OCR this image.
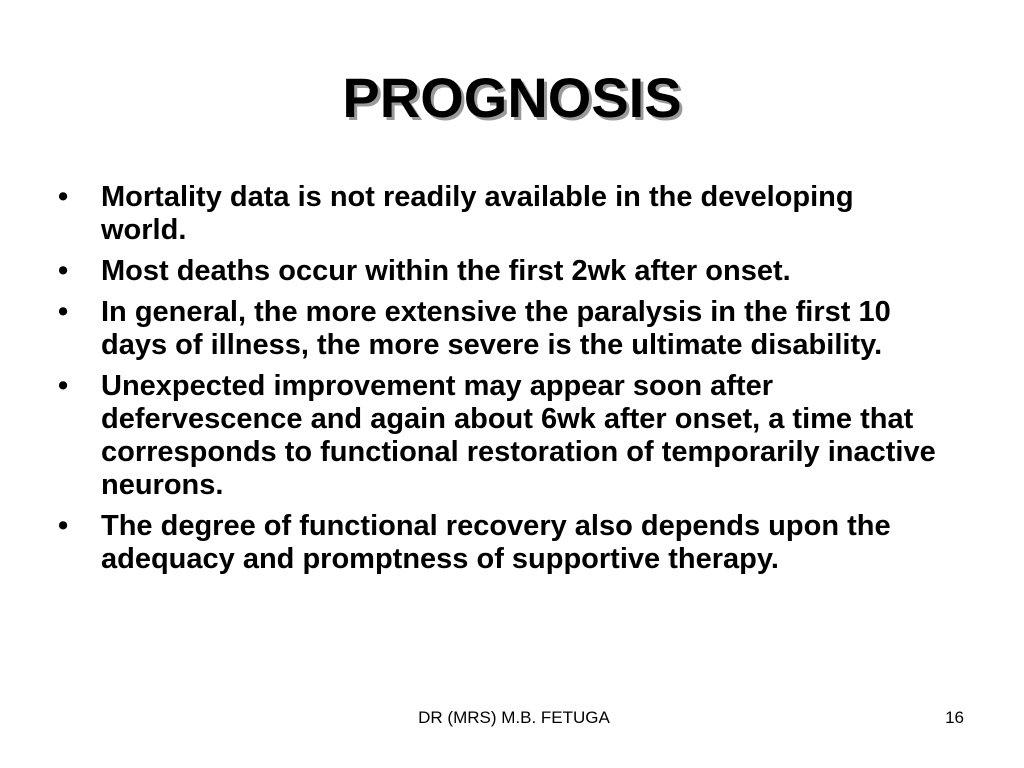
PROGNOSIS
•	Mortality data is not readily available in the developing world.
•	Most deaths occur within the first 2wk after onset.
•	In general, the more extensive the paralysis in the first 10 days of illness, the more severe is the ultimate disability.
•	Unexpected improvement may appear soon after defervescence and again about 6wk after onset, a time that corresponds to functional restoration of temporarily inactive neurons.
•	The degree of functional recovery also depends upon the adequacy and promptness of supportive therapy.
DR (MRS) M.B. FETUGA	16
